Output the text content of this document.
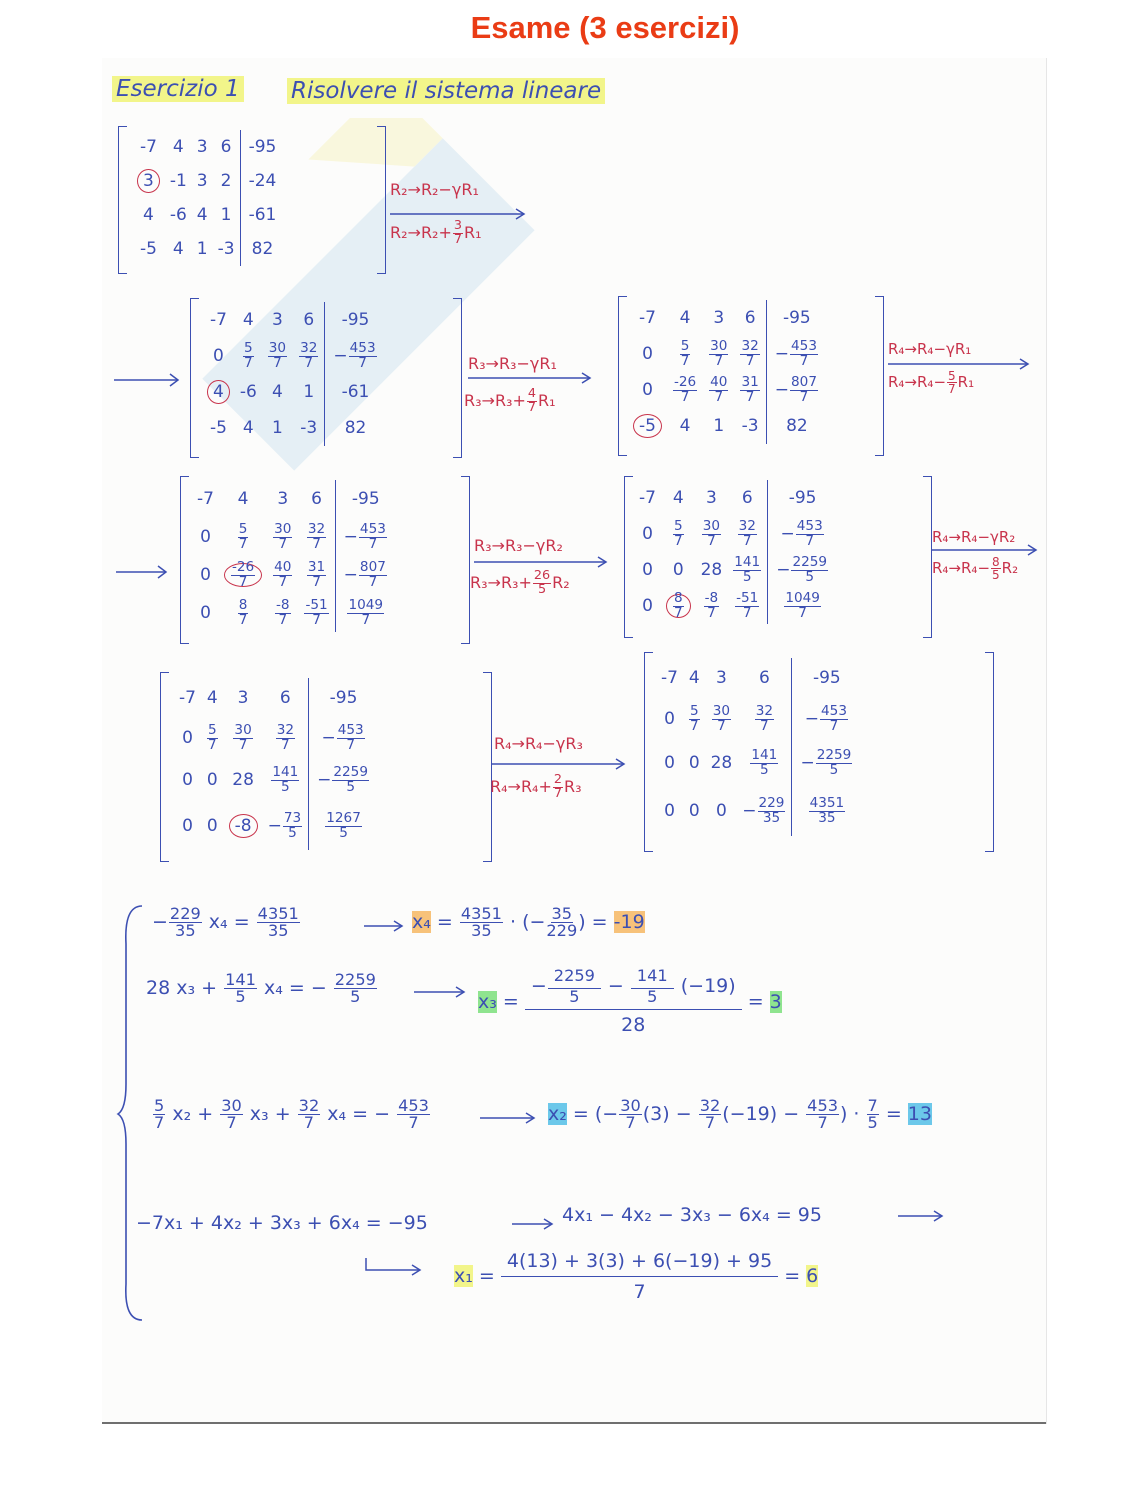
Esame (3 esercizi)
Esercizio 1 Risolvere il sistema lineare
-7	4	3	6	-95
3	-1	3	2	-24
4	-6	4	1	-61
-5	4	1	-3	82
R₂→R₂−γR₁
$R_2\to R_2+ \frac{3}{7} R_1$
-7	4	3	6	-95
0	$\frac{5}{7}$	$\frac{30}{7}$	$\frac{32}{7}$	− $\frac{453}{7}$

4	-6	4	1	-61
-5	4	1	-3	82
R₃→R₃−γR₁
$R_3\to R_3+ \frac{4}{7} R_1$
-7	4	3	6	-95
0	$\frac{5}{7}$	$\frac{30}{7}$	$\frac{32}{7}$	− $\frac{453}{7}$

0	$\frac{-26}{7}$	$\frac{40}{7}$	$\frac{31}{7}$	− $\frac{807}{7}$

-5	4	1	-3	82
R₄→R₄−γR₁
$R_4\to R_4- \frac{5}{7} R_1$
-7	4	3	6	-95
0	$\frac{5}{7}$	$\frac{30}{7}$	$\frac{32}{7}$	− $\frac{453}{7}$

0	$\frac{-26}{7}$	$\frac{40}{7}$	$\frac{31}{7}$	− $\frac{807}{7}$

0	$\frac{8}{7}$	$\frac{-8}{7}$	$\frac{-51}{7}$	$\frac{1049}{7}$
R₃→R₃−γR₂
$R_3\to R_3+ \frac{26}{5} R_2$
-7	4	3	6	-95
0	$\frac{5}{7}$	$\frac{30}{7}$	$\frac{32}{7}$	− $\frac{453}{7}$

0	0	28	$\frac{141}{5}$	− $\frac{2259}{5}$

0	$\frac{8}{7}$	$\frac{-8}{7}$	$\frac{-51}{7}$	$\frac{1049}{7}$
R₄→R₄−γR₂
$R_4\to R_4- \frac{8}{5} R_2$
-7	4	3	6	-95
0	$\frac{5}{7}$	$\frac{30}{7}$	$\frac{32}{7}$	− $\frac{453}{7}$

0	0	28	$\frac{141}{5}$	− $\frac{2259}{5}$

0	0	-8	− $\frac{73}{5}$	$\frac{1267}{5}$
R₄→R₄−γR₃
$R_4\to R_4+ \frac{2}{7} R_3$
-7	4	3	6	-95
0	$\frac{5}{7}$	$\frac{30}{7}$	$\frac{32}{7}$	− $\frac{453}{7}$

0	0	28	$\frac{141}{5}$	− $\frac{2259}{5}$

0	0	0	− $\frac{229}{35}$	$\frac{4351}{35}$
− $\frac{229}{35} x_4 = \frac{4351}{35}$	$x_4 = \frac{4351}{35}$ · (− $\frac{35}{229}$ ) = -19
28 $x_3 + \frac{141}{5} x_4$ = − $\frac{2259}{5}$	$x_3 = \frac{- \frac{2259}{5} - \frac{141}{5} (-19)}{28} = 3$
$\frac{5}{7} x_2 + \frac{30}{7} x_3 + \frac{32}{7} x_4$ = − $\frac{453}{7}$	x₂ = (− $\frac{30}{7} (3) - \frac{32}{7} (-19) - \frac{453}{7}$ ) · $\frac{7}{5} = 13$
−7x₁ + 4x₂ + 3x₃ + 6x₄ = −95	4x₁ − 4x₂ − 3x₃ − 6x₄ = 95
$x_1 = \frac{4(13) + 3(3) + 6(-19) + 95}{7} = 6$
